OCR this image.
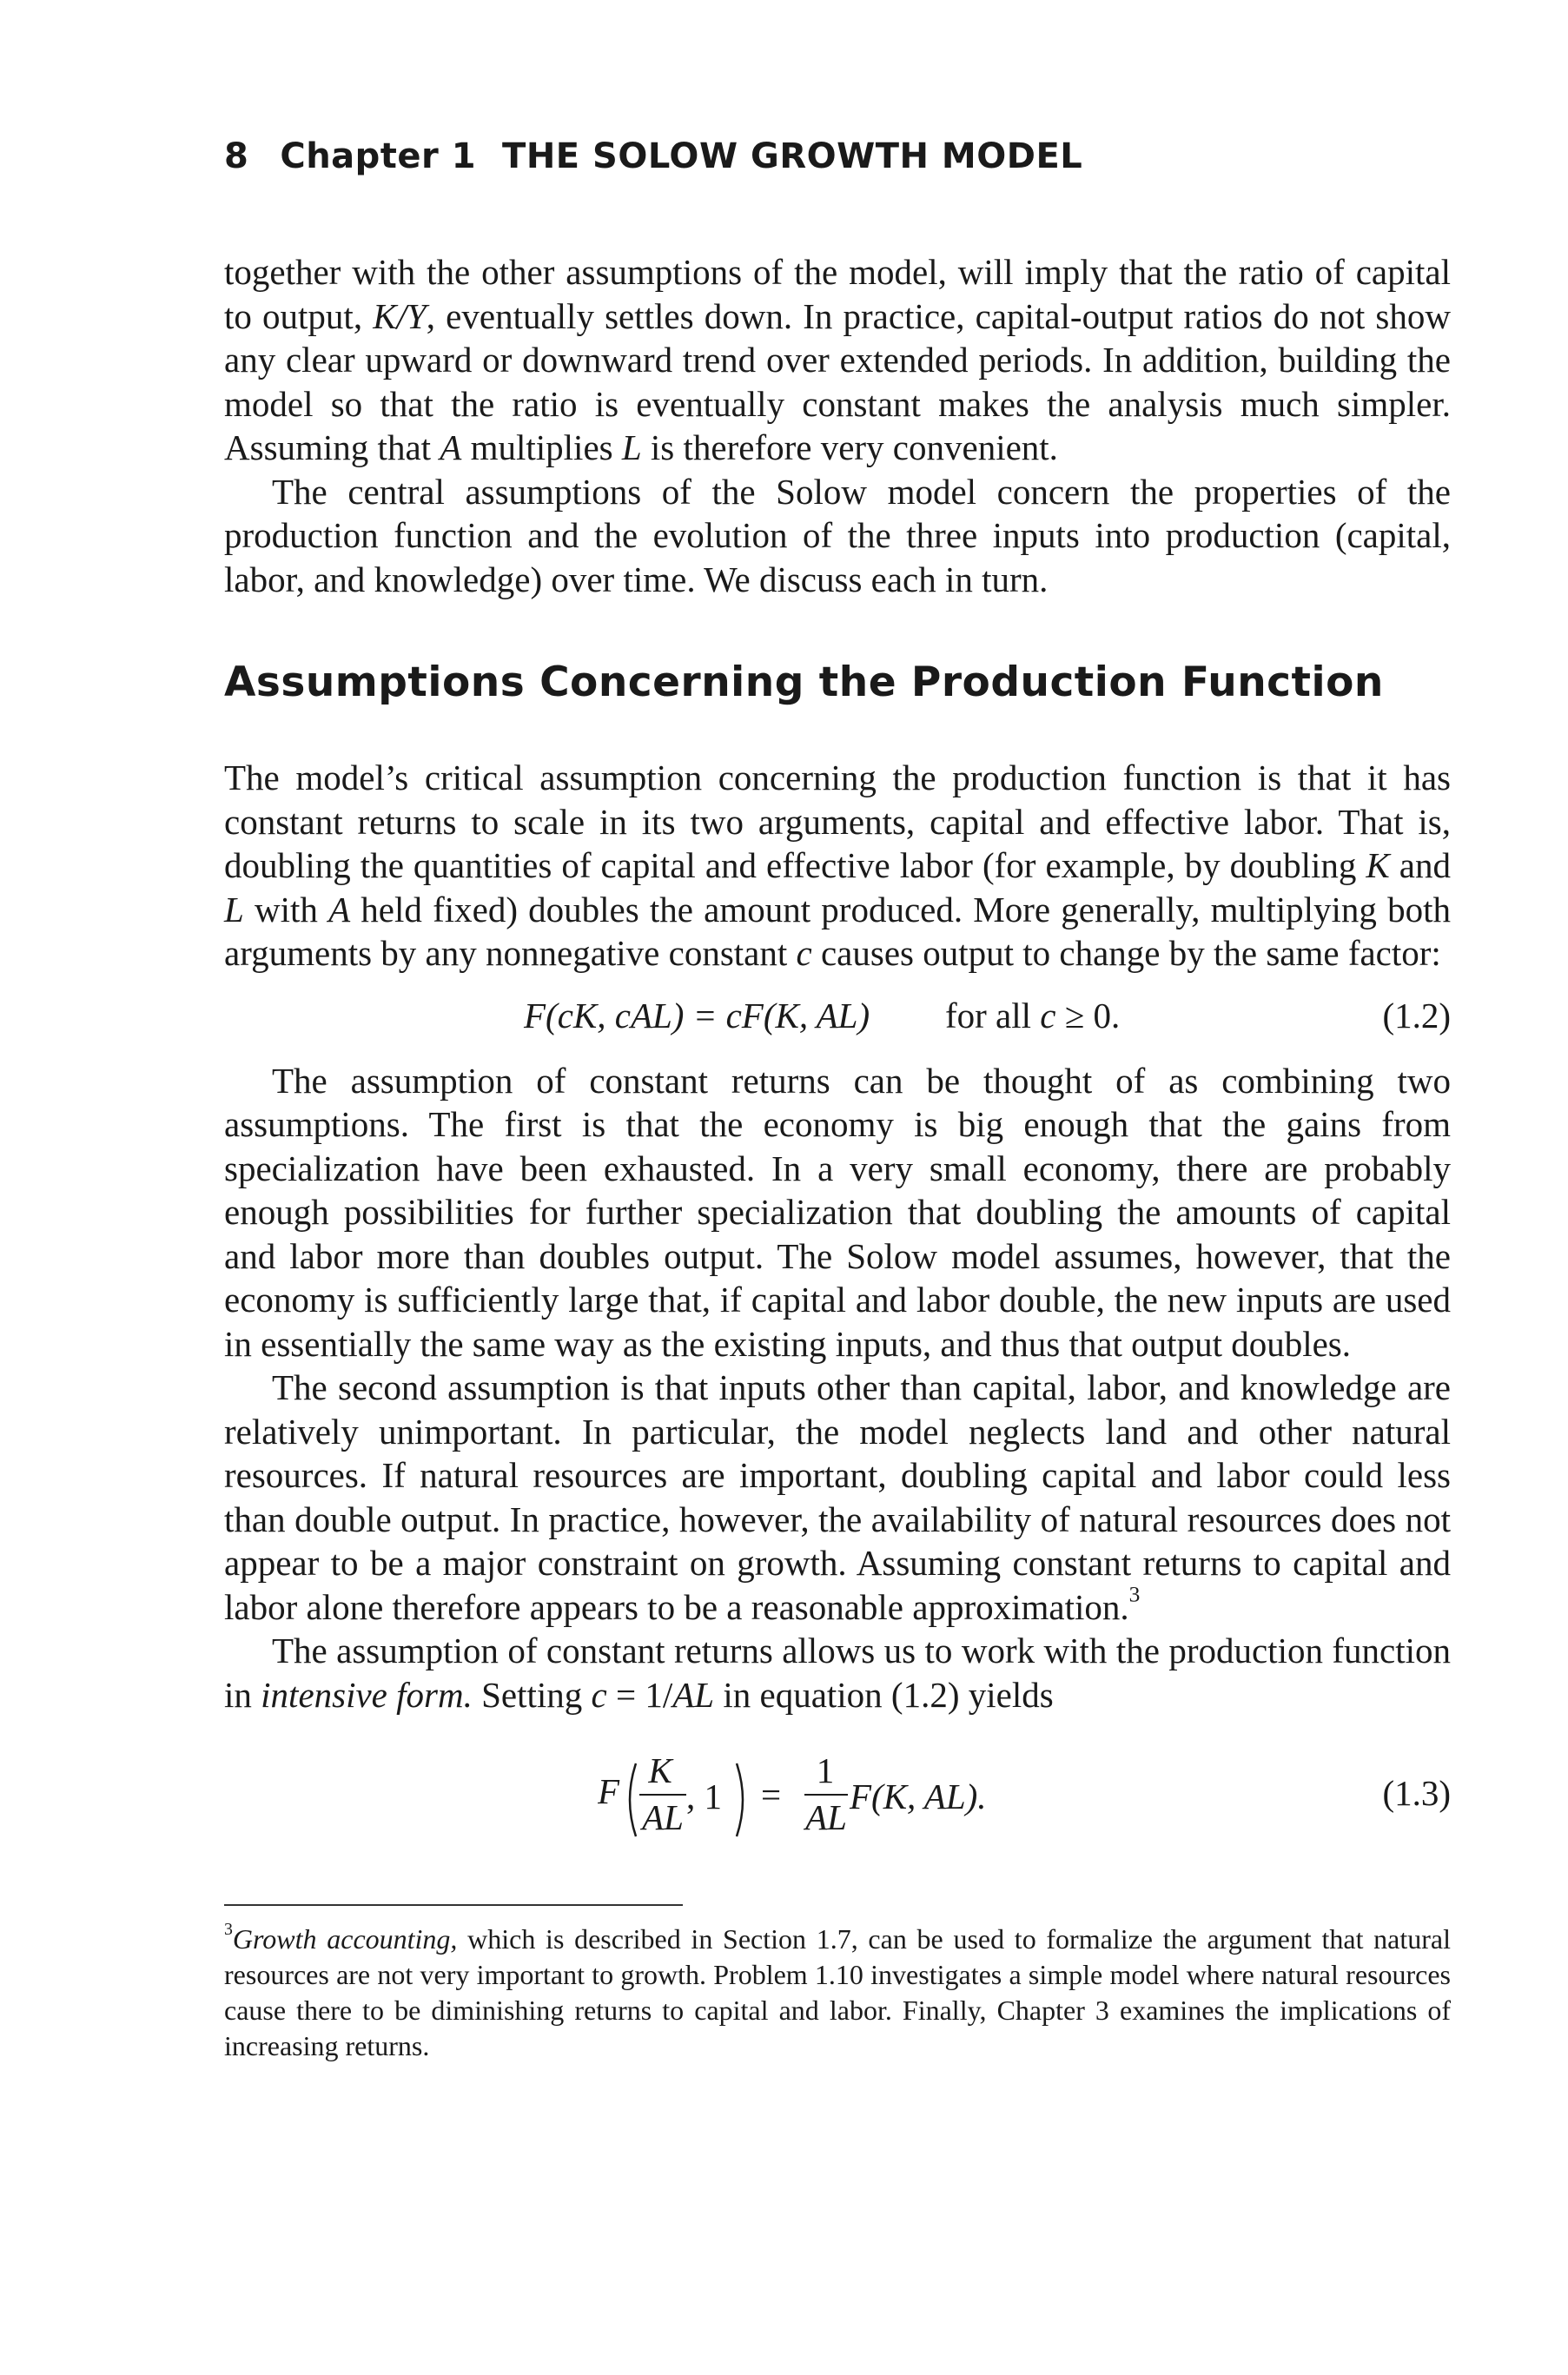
8 Chapter 1 THE SOLOW GROWTH MODEL

together with the other assumptions of the model, will imply that the ratio of capital to output, K/Y, eventually settles down. In practice, capital-output ratios do not show any clear upward or downward trend over extended periods. In addition, building the model so that the ratio is eventually constant makes the analysis much simpler. Assuming that A multiplies L is therefore very convenient.

The central assumptions of the Solow model concern the properties of the production function and the evolution of the three inputs into production (capital, labor, and knowledge) over time. We discuss each in turn.

Assumptions Concerning the Production Function

The model’s critical assumption concerning the production function is that it has constant returns to scale in its two arguments, capital and effective labor. That is, doubling the quantities of capital and effective labor (for example, by doubling K and L with A held fixed) doubles the amount produced. More generally, multiplying both arguments by any nonnegative constant c causes output to change by the same factor:

F(cK, cAL) = cF(K, AL) for all c ≥ 0.	(1.2)

The assumption of constant returns can be thought of as combining two assumptions. The first is that the economy is big enough that the gains from specialization have been exhausted. In a very small economy, there are probably enough possibilities for further specialization that doubling the amounts of capital and labor more than doubles output. The Solow model assumes, however, that the economy is sufficiently large that, if capital and labor double, the new inputs are used in essentially the same way as the existing inputs, and thus that output doubles.

The second assumption is that inputs other than capital, labor, and knowledge are relatively unimportant. In particular, the model neglects land and other natural resources. If natural resources are important, doubling capital and labor could less than double output. In practice, however, the availability of natural resources does not appear to be a major constraint on growth. Assuming constant returns to capital and labor alone therefore appears to be a reasonable approximation.$^3$

The assumption of constant returns allows us to work with the production function in intensive form. Setting c = 1/AL in equation (1.2) yields

F
K
AL
, 1 =
1
AL
F(K, AL).	(1.3)

$^3$Growth accounting, which is described in Section 1.7, can be used to formalize the argument that natural resources are not very important to growth. Problem 1.10 investigates a simple model where natural resources cause there to be diminishing returns to capital and labor. Finally, Chapter 3 examines the implications of increasing returns.
